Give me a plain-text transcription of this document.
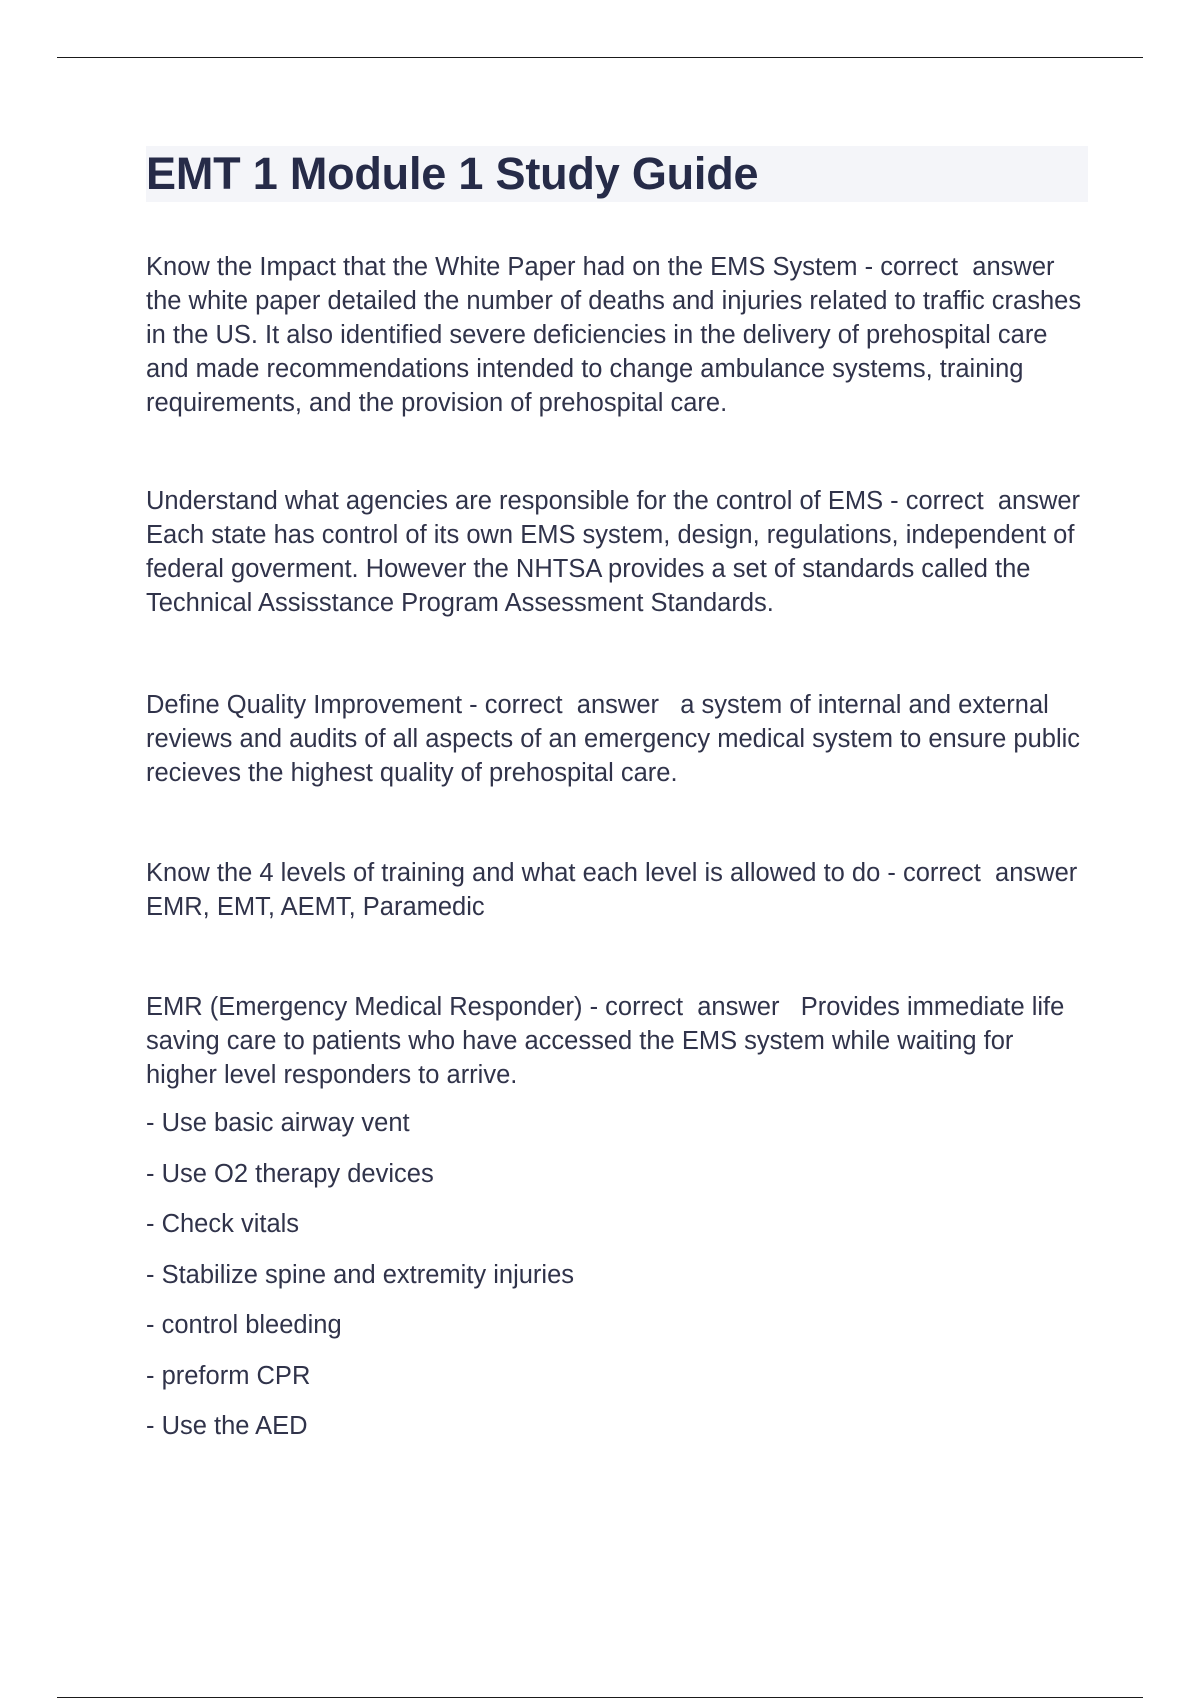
EMT 1 Module 1 Study Guide

Know the Impact that the White Paper had on the EMS System - correct  answer   the white paper detailed the number of deaths and injuries related to traffic crashes in the US. It also identified severe deficiencies in the delivery of prehospital care and made recommendations intended to change ambulance systems, training requirements, and the provision of prehospital care.

Understand what agencies are responsible for the control of EMS - correct  answer   Each state has control of its own EMS system, design, regulations, independent of federal goverment. However the NHTSA provides a set of standards called the Technical Assisstance Program Assessment Standards.

Define Quality Improvement - correct  answer   a system of internal and external reviews and audits of all aspects of an emergency medical system to ensure public recieves the highest quality of prehospital care.

Know the 4 levels of training and what each level is allowed to do - correct  answer   EMR, EMT, AEMT, Paramedic

EMR (Emergency Medical Responder) - correct  answer   Provides immediate life saving care to patients who have accessed the EMS system while waiting for higher level responders to arrive.

- Use basic airway vent
- Use O2 therapy devices
- Check vitals
- Stabilize spine and extremity injuries
- control bleeding
- preform CPR
- Use the AED
